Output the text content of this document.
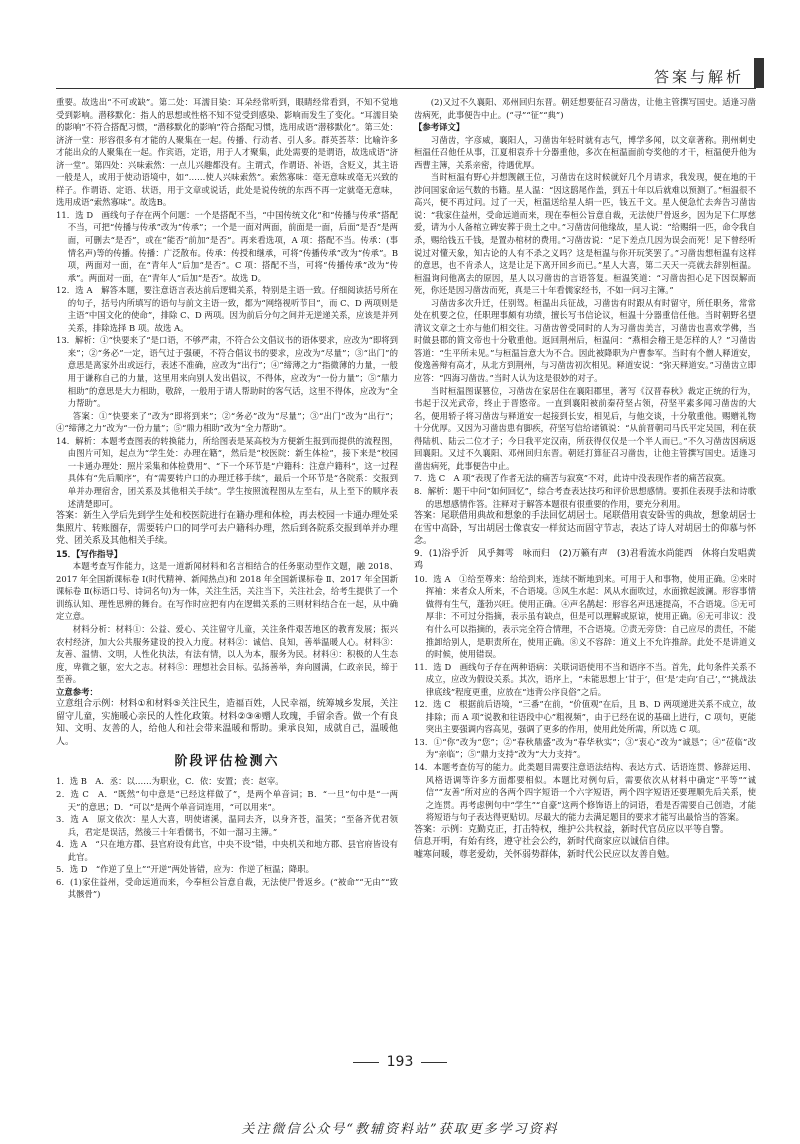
答案与解析

重要。故选出“不可或缺”。第二处：耳濡目染：耳朵经常听到，眼睛经常看到，不知不觉地受到影响。潜移默化：指人的思想或性格不知不觉受到感染、影响而发生了变化。“耳濡目染的影响”不符合搭配习惯，“潜移默化的影响”符合搭配习惯，选用成语“潜移默化”。第三处：济济一堂：形容很多有才能的人聚集在一起。传播、行动者、引人多。群英荟萃：比喻许多才能出众的人聚集在一起。作宾语，定语，用于人才聚集，此处需要的是谓语，故选成语“济济一堂”。第四处：兴味索然：一点儿兴趣都没有。主谓式，作谓语、补语，含贬义，其主语一般是人，或用于使动语境中，如“……使人兴味索然”。索然寡味：毫无意味或毫无兴致的样子。作谓语、定语、状语，用于文章或说话，此处是说传统的东西不再一定就毫无意味，选用成语“索然寡味”。故选B。

11．选 D　画线句子存在两个问题：一个是搭配不当，“中国传统文化”和“传播与传承”搭配不当，可把“传播与传承”改为“传承”；一个是一面对两面，前面是一面，后面“是否”是两面，可删去“是否”，或在“能否”前加“是否”。再来看选项，A 项：搭配不当。传承：(事情名声)等的传播。传播：广泛散布。传承：传授和继承，可将“传播传承”改为“传承”。B 项，两面对一面，在“青年人”后加“是否”。C 项：搭配不当，可将“传播传承”改为“传承”。两面对一面，在“青年人”后加“是否”。故选 D。

12．选 A　解答本题，要注意语言表达前后逻辑关系，特别是主语一致。仔细阅读括号所在的句子，括号内所填写的语句与前文主语一致，都为“网络视听节目”，而 C、D 两项则是主语“中国文化的使命”，排除 C、D 两项。因为前后分句之间并无逆递关系，应该是并列关系，排除选择 B 项。故选 A。

13．解析：①“快要来了”是口语，不够严肃，不符合公文倡议书的语体要求，应改为“即将到来”；②“务必”一定，语气过于强硬，不符合倡议书的要求，应改为“尽量”；③“出门”的意思是离家外出或远行，表述不准确，应改为“出行”；④“缔薄之力”指微薄的力量，一般用于谦称自己的力量，这里用来向别人发出倡议，不得体，应改为“一份力量”；⑤“鼎力相助”的意思是大力相助，敬辞，一般用于请人帮助时的客气话，这里不得体，应改为“全力帮助”。

答案：①“快要来了”改为“即将到来”；②“务必”改为“尽量”；③“出门”改为“出行”；④“缔薄之力”改为“一份力量”；⑤“鼎力相助”改为“全力帮助”。

14．解析：本题考查图表的转换能力，所给图表是某高校为方便新生报到而提供的流程图，由图片可知，起点为“学生处：办理在籍”，然后是“校医院：新生体检”，接下来是“校园一卡通办理处：照片采集和体检费用”、“下一个环节是“户籍科：注意户籍科”，这一过程具体有“先后顺序”，有“需要转户口的办理迁移手续”，最后一个环节是“各院系：交报到单并办理宿舍，团关系及其他相关手续”。学生按照流程图从左至右，从上至下的顺序表述清楚即可。

答案：新生入学后先到学生处和校医院进行在籍办理和体检，再去校园一卡通办理处采集照片、转账圈存，需要转户口的同学可去户籍科办理，然后到各院系交报到单并办理党、团关系及其他相关手续。

15．【写作指导】

本题考查写作能力，这是一道新闻材料和名言相结合的任务驱动型作文题，融 2018、2017 年全国新课标卷 Ⅰ(时代精神、新闻热点)和 2018 年全国新课标卷 Ⅱ、2017 年全国新课标卷 Ⅱ(标语口号、诗词名句)为一体，关注生活，关注当下，关注社会，给考生提供了一个训练认知、理性思辨的舞台。在写作时应把有内在逻辑关系的三则材料结合在一起，从中确定立意。

材料分析：材料①：公益、爱心、关注留守儿童，关注条件艰苦地区的教育发展；振兴农村经济，加大公共服务建设的投入力度。材料②：诚信、良知，善举温暖人心。材料③：友善、温情、文明，人性化执法，有法有情，以人为本，服务为民。材料④：积极的人生态度，卑微之躯，宏大之志。材料⑤：理想社会目标。弘扬善举，奔向圆满，仁政亲民，缔于至善。

立意参考：

立意组合示例：材料①和材料⑤关注民生，造福百姓，人民幸福，统筹城乡发展，关注留守儿童，实施暖心亲民的人性化政策。材料②③④赠人玫瑰，手留余香。做一个有良知、文明、友善的人，给他人和社会带来温暖和帮助。秉承良知，成就自己，温暖他人。

阶段评估检测六

1．选 B　A．丞：以……为职业，C．依：安置；丧：赵宰。

2．选 C　A．“既然”句中意是“已经这样做了”，是两个单音词；B．“一旦”句中是“一两天”的意思；D．“可以”是两个单音词连用，“可以用来”。

3．选 A　原文依次：星人大喜，明使诸溪，温同去齐，以身齐苍，温笑；“至备齐优君领兵，君定是误活，然後三十年看儒书，不如一溜习主簿。”

4．选 A　“只在地方郡、县官府设有此官，中央不设”错，中央机关和地方郡、县官府皆设有此官。

5．选 D　“作逆了皇上”“开逆”两处皆错，应为：作逆了桓温；降职。

6．(1)家住益州，受命远道而来，今奉桓公旨意自裁，无法使尸骨返乡。(“被命”“无由”“致其骸骨”)

(2)又过不久襄阳、邓州回归东晋。朝廷想要征召习凿齿，让他主管撰写国史。适逢习凿齿病死，此事便告中止。(“寻”“征”“典”)

【参考译文】

习凿齿，字彦威，襄阳人，习凿齿年轻时就有志气，博学多闻，以文章著称。荆州刺史桓温任召他任从事，江夏相袁乔十分器重他，多次在桓温面前夸奖他的才干，桓温便升他为西曹主簿，关系亲密，待遇优厚。

当时桓温有野心并想觊觎王位，习凿齿在这时候就好几个月请求，我发现，便在地的干涉问国家命运气数的书籍。星人温：“因这鸱尾作盖，到五十年以后就难以预测了。”桓温很不高兴，便不再过问。过了一天，桓温送给星人绢一匹，钱五千文。星人便急忙去奔告习凿齿说：“我家住益州，受命远道而来，现在奉桓公旨意自裁，无法使尸骨返乡，因为足下仁厚慈爱，请为小人备棺立碑安葬于贵土之中。”习凿齿问他缘故，星人说：“给赐绢一匹，命令我自杀，赐给钱五千钱，是置办棺材的费用。”习凿齿说：“足下差点几因为误会而死！足下曾经听说过对懂天象，知古论的人有不杀之义吗？这是桓温与你开玩笑罢了。”习凿齿想桓温有这样的意思，也不肯杀人，这是让足下离开回乡而已。”星人大喜，第二天天一亮就去辞别桓温。桓温询问他离去的原因，星人以习凿齿的言语答复。桓温笑道：“习凿齿担心足下因误解而死，你还是因习凿齿而死，真是三十年看儒家经书，不如一问习主簿。”

习凿齿多次升迁，任别驾。桓温出兵征战，习凿齿有时跟从有时留守，所任职务，常常处在机要之位，任职理事颇有功绩，擅长写书信论议，桓温十分器重信任他。当时朝野名望清议文章之士亦与他们相交往。习凿齿曾受同时的人为习凿齿美言，习凿齿也喜欢学佛，当时做县郡的简文帝也十分敬重他。返回荆州后，桓温问：“燕相会稽王是怎样的人？”习凿齿答道：“生平所未见。”与桓温旨意大为不合。因此被降职为户曹参军。当时有个僧人释道安，俊逸善辩有高才，从北方到荆州，与习凿齿初次相见。释道安说：“弥天释道安。”习凿齿立即应答：“四海习凿齿。”当时人认为这是很妙的对子。

当时桓温图谋篡位，习凿齿在家居住在襄阳郡里，著写《汉晋春秋》裁定正统的行为，书起于汉光武帝，终止于晋愍帝。一直到襄阳被前秦苻坚占领，苻坚平素多闻习凿齿的大名，便用轿子将习凿齿与释道安一起接到长安，相见后，与他交谈，十分敬重他。赐赠礼物十分优厚。又因为习凿齿患有脚疾，苻坚写信给诸镇说：“从前晋朝司马氏平定吴国，利在获得陆机、陆云二位才子；今日我平定汉南，所获得仅仅是一个半人而已。”不久习凿齿因病返回襄阳。又过不久襄阳、邓州回归东晋。朝廷打算征召习凿齿，让他主管撰写国史。适逢习凿齿病死，此事便告中止。

7．选 C　A 项“表现了作者无法的痛苦与寂寞”不对，此诗中没表现作者的痛苦寂寞。

8．解析：题干中问“如何回忆”，综合考查表达技巧和评价思想感情。要抓住表现手法和诗歌的思想感情作答。注释对于解答本题很有很重要的作用，要充分利用。

答案：尾联借用典故和想象的手法回忆胡居士。尾联借用袁安卧雪的典故，想象胡居士在雪中高卧，写出胡居士像袁安一样贫达而固守节志，表达了诗人对胡居士的仰慕与怀念。

9．(1)浴乎沂　风乎舞雩　咏而归　(2)万籁有声　(3)君看流水尚能西　休将白发唱黄鸡

10．选 A　①给至尊来：给给到来，连续不断地到来。可用于人和事物，使用正确。②来时挥袖：来者众人所来，不合语境。③风生水起：风从水面吹过，水面掀起波澜。形容事情做得有生气，蓬勃兴旺。使用正确。④声名鹊起：形容名声迅速提高，不合语境。⑤无可厚非：不可过分指摘，表示虽有缺点，但是可以理解或原谅，使用正确。⑥无可非议：没有什么可以指摘的，表示完全符合情理，不合语境。⑦责无旁贷：自己应尽的责任，不能推卸给别人，是职责所在，使用正确。⑧义不容辞：道义上不允许推辞。此处不是讲道义的时候，使用错误。

11．选 D　画线句子存在两种语病：关联词语使用不当和语序不当。首先，此句条件关系不成立，应改为假设关系。其次，语序上，“未能思想上‘甘于’，但‘是’走向‘自己’，”“挑战法律底线”程度更重，应放在“违背公序良俗”之后。

12．选 C　根据前后语境，“三番”在前，“价值观”在后，且 B、D 两项递进关系不成立，故排除；而 A 项“说教和往语段中心”粗视频”，由于已经在说的基础上进行，C 项句，更能突出主要强调内容高见，强调了更多的作用，使用此处所需，所以选 C 项。

13．①“你”改为“您”；②“春秋鼎盛”改为“春华秋实”；③“衷心”改为“诚恳”；④“莅临”改为“亲临”；⑤“鼎力支持”改为“大力支持”。

14．本题考查仿写的能力。此类题目需要注意语法结构、表达方式、话语连贯、修辞运用、风格语调等许多方面都要相似。本题比对例句后，需要依次从材料中确定“平等”“诚信”“友善”所对应的各两个四字短语一个六字短语，两个四字短语还要理顺先后关系，使之连贯。再考虑例句中“学生”“自豪”这两个修饰语上的词语，看是否需要自己创造，才能将短语与句子表达得更贴切。尽最大的能力去满足题目的要求才能写出最恰当的答案。

答案：示例：克勤克正，打击特权，维护公共权益，新时代官员应以平等自警。

信息开明，有始有终，遵守社会公约，新时代商家应以诚信自律。

嘘寒问暖，尊老爱幼，关怀弱势群体，新时代公民应以友善自勉。

193
关注微信公众号“教辅资料站”获取更多学习资料
